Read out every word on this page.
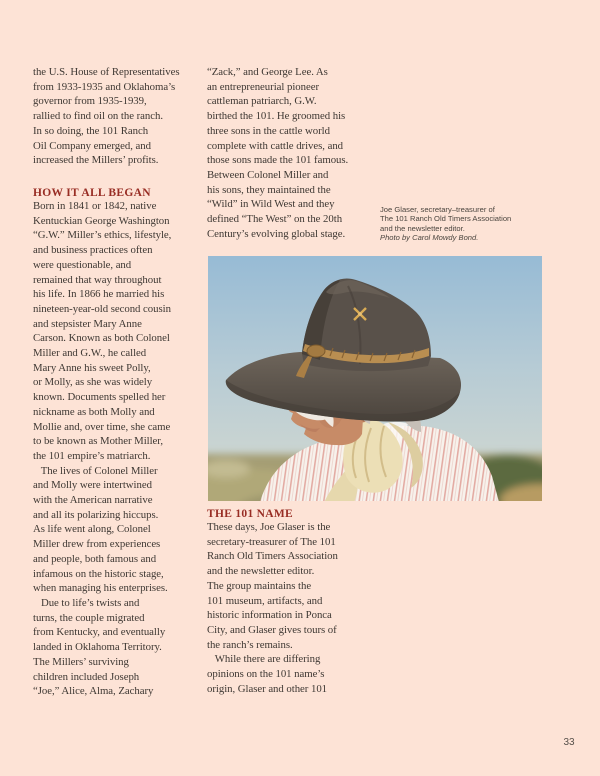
the U.S. House of Representatives
from 1933-1935 and Oklahoma’s
governor from 1935-1939,
rallied to find oil on the ranch.
In so doing, the 101 Ranch
Oil Company emerged, and
increased the Millers’ profits.
HOW IT ALL BEGAN
Born in 1841 or 1842, native
Kentuckian George Washington
“G.W.” Miller’s ethics, lifestyle,
and business practices often
were questionable, and
remained that way throughout
his life. In 1866 he married his
nineteen-year-old second cousin
and stepsister Mary Anne
Carson. Known as both Colonel
Miller and G.W., he called
Mary Anne his sweet Polly,
or Molly, as she was widely
known. Documents spelled her
nickname as both Molly and
Mollie and, over time, she came
to be known as Mother Miller,
the 101 empire’s matriarch.
The lives of Colonel Miller
and Molly were intertwined
with the American narrative
and all its polarizing hiccups.
As life went along, Colonel
Miller drew from experiences
and people, both famous and
infamous on the historic stage,
when managing his enterprises.
Due to life’s twists and
turns, the couple migrated
from Kentucky, and eventually
landed in Oklahoma Territory.
The Millers’ surviving
children included Joseph
“Joe,” Alice, Alma, Zachary
“Zack,” and George Lee. As
an entrepreneurial pioneer
cattleman patriarch, G.W.
birthed the 101. He groomed his
three sons in the cattle world
complete with cattle drives, and
those sons made the 101 famous.
Between Colonel Miller and
his sons, they maintained the
“Wild” in Wild West and they
defined “The West” on the 20th
Century’s evolving global stage.
Joe Glaser, secretary–treasurer of
The 101 Ranch Old Timers Association
and the newsletter editor.
Photo by Carol Mowdy Bond.
THE 101 NAME
These days, Joe Glaser is the
secretary-treasurer of The 101
Ranch Old Timers Association
and the newsletter editor.
The group maintains the
101 museum, artifacts, and
historic information in Ponca
City, and Glaser gives tours of
the ranch’s remains.
While there are differing
opinions on the 101 name’s
origin, Glaser and other 101
33
